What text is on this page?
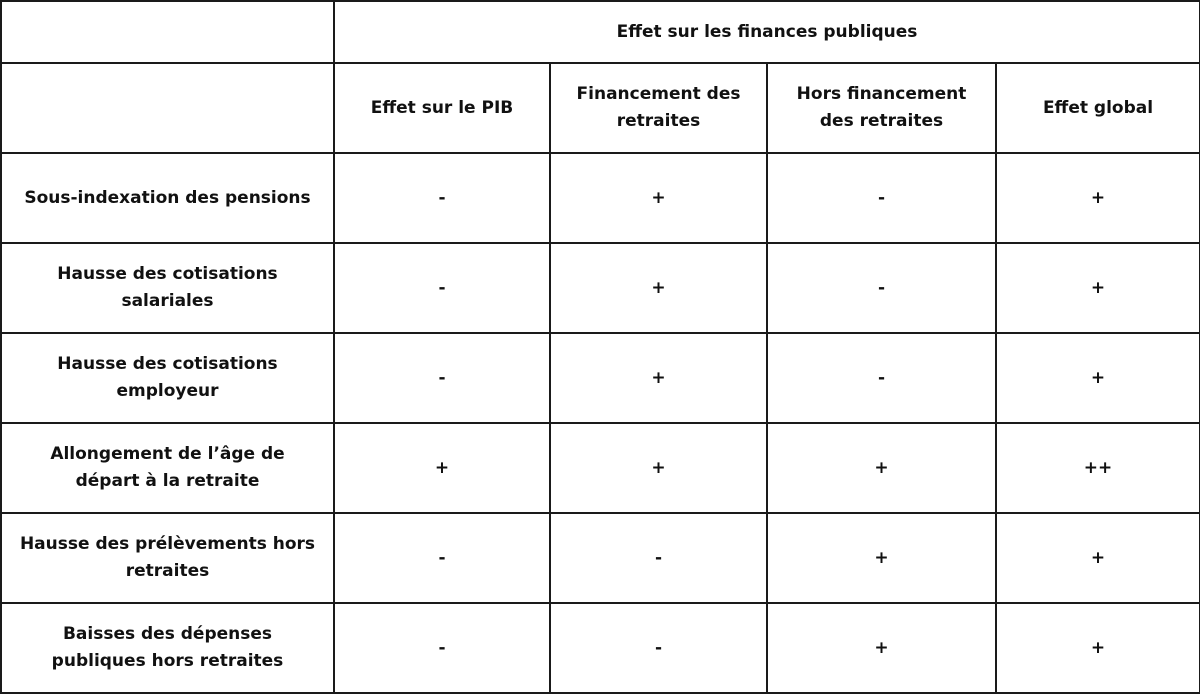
	Effet sur les finances publiques			
	Effet sur le PIB	Financement des retraites	Hors financement des retraites	Effet global
Sous-indexation des pensions	-	+	-	+
Hausse des cotisations salariales	-	+	-	+
Hausse des cotisations employeur	-	+	-	+
Allongement de l’âge de départ à la retraite	+	+	+	++
Hausse des prélèvements hors retraites	-	-	+	+
Baisses des dépenses publiques hors retraites	-	-	+	+
